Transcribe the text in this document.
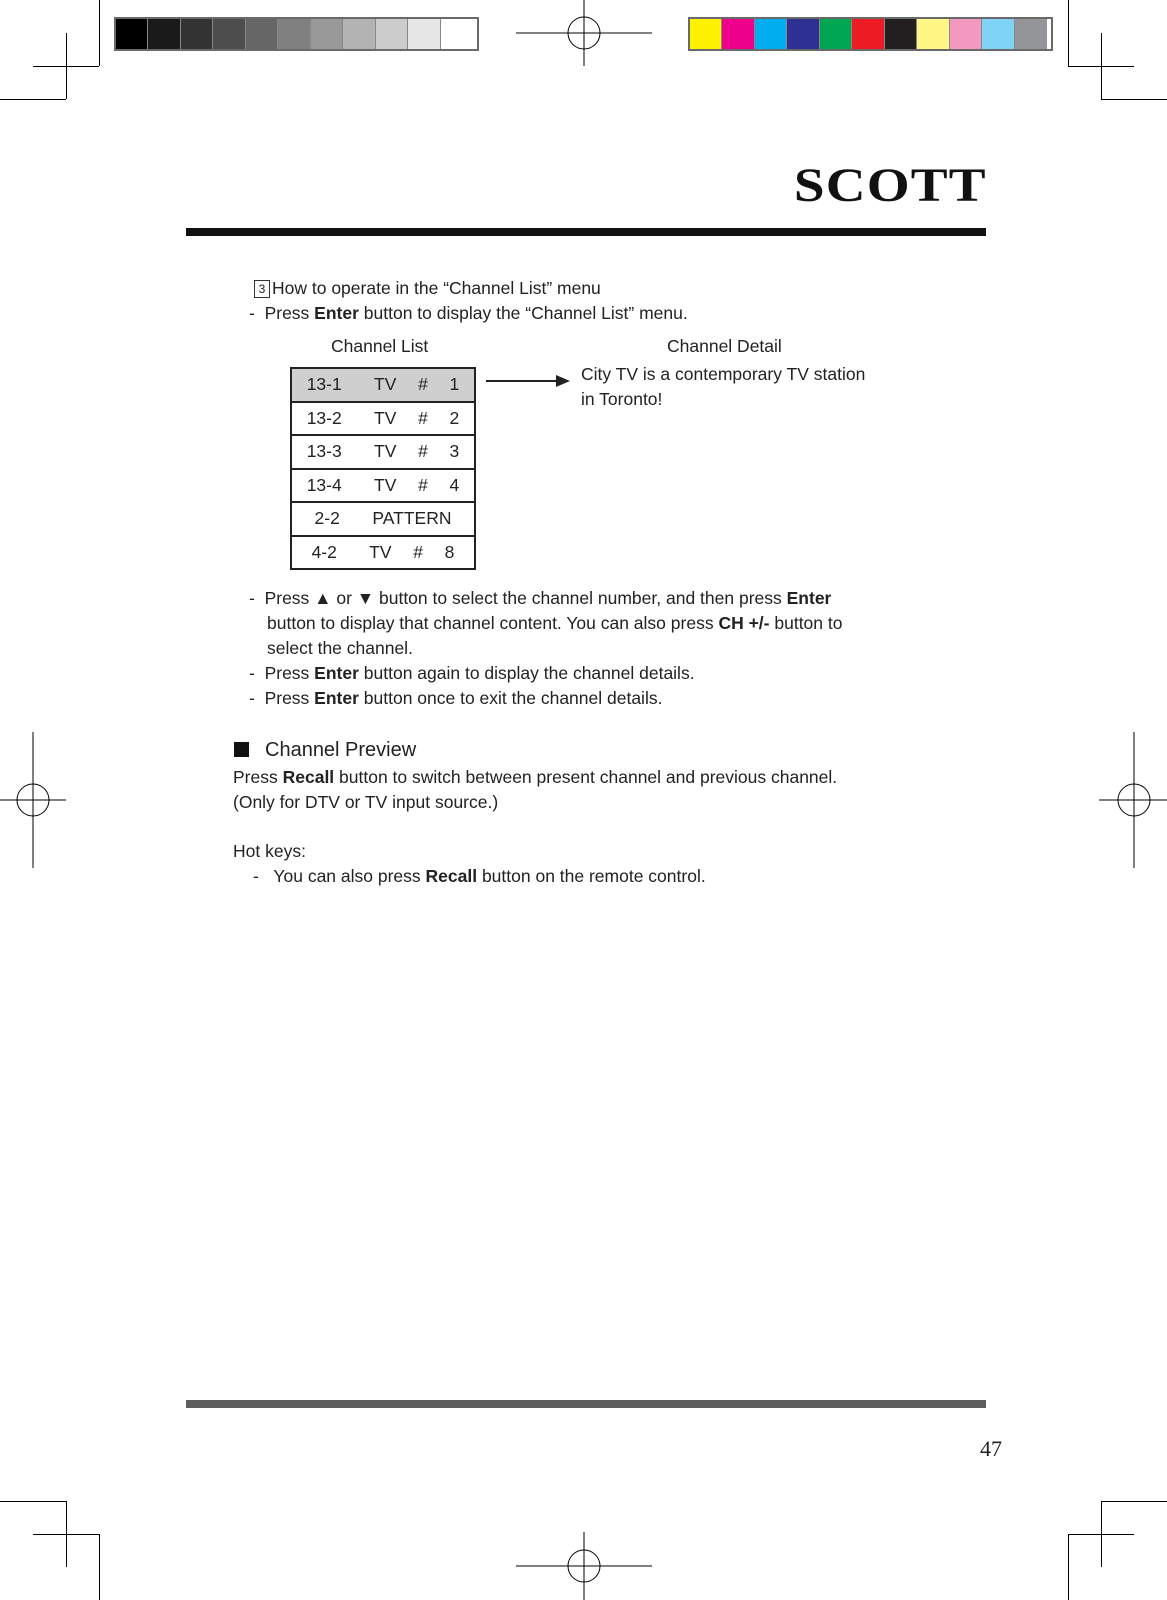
SCOTT
3 How to operate in the “Channel List” menu
-  Press Enter button to display the “Channel List” menu.
Channel List	Channel Detail
13-1   TV  #  1
13-2   TV  #  2
13-3   TV  #  3
13-4   TV  #  4
2-2   PATTERN
4-2   TV  #  8
City TV is a contemporary TV station
in Toronto!
-  Press ▲ or ▼ button to select the channel number, and then press Enter
button to display that channel content. You can also press CH +/- button to
select the channel.
-  Press Enter button again to display the channel details.
-  Press Enter button once to exit the channel details.
Channel Preview
Press Recall button to switch between present channel and previous channel.
(Only for DTV or TV input source.)
Hot keys:
-   You can also press Recall button on the remote control.
47
